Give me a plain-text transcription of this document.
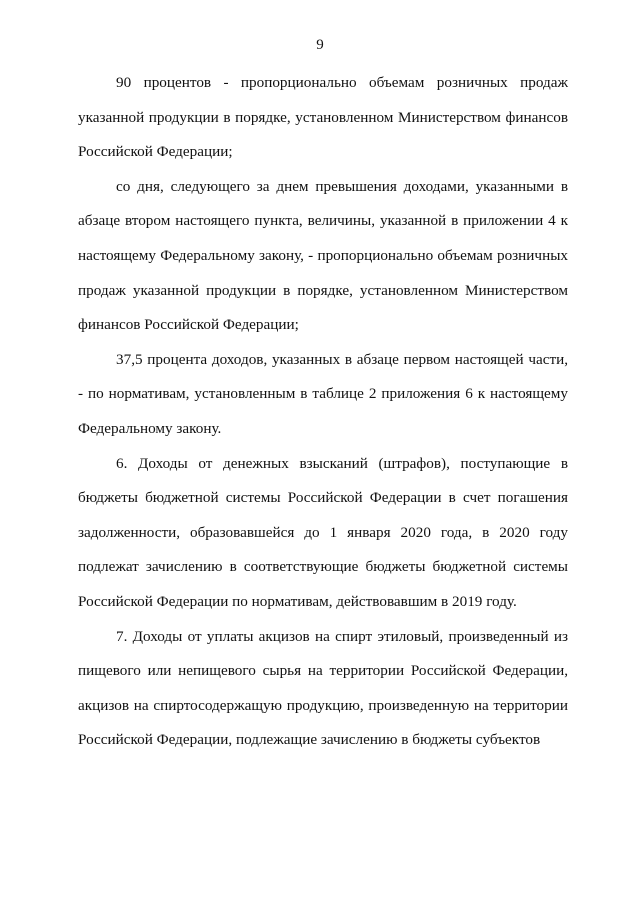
9

90 процентов - пропорционально объемам розничных продаж указанной продукции в порядке, установленном Министерством финансов Российской Федерации;

со дня, следующего за днем превышения доходами, указанными в абзаце втором настоящего пункта, величины, указанной в приложении 4 к настоящему Федеральному закону, - пропорционально объемам розничных продаж указанной продукции в порядке, установленном Министерством финансов Российской Федерации;

37,5 процента доходов, указанных в абзаце первом настоящей части, - по нормативам, установленным в таблице 2 приложения 6 к настоящему Федеральному закону.

6. Доходы от денежных взысканий (штрафов), поступающие в бюджеты бюджетной системы Российской Федерации в счет погашения задолженности, образовавшейся до 1 января 2020 года, в 2020 году подлежат зачислению в соответствующие бюджеты бюджетной системы Российской Федерации по нормативам, действовавшим в 2019 году.

7. Доходы от уплаты акцизов на спирт этиловый, произведенный из пищевого или непищевого сырья на территории Российской Федерации, акцизов на спиртосодержащую продукцию, произведенную на территории Российской Федерации, подлежащие зачислению в бюджеты субъектов
